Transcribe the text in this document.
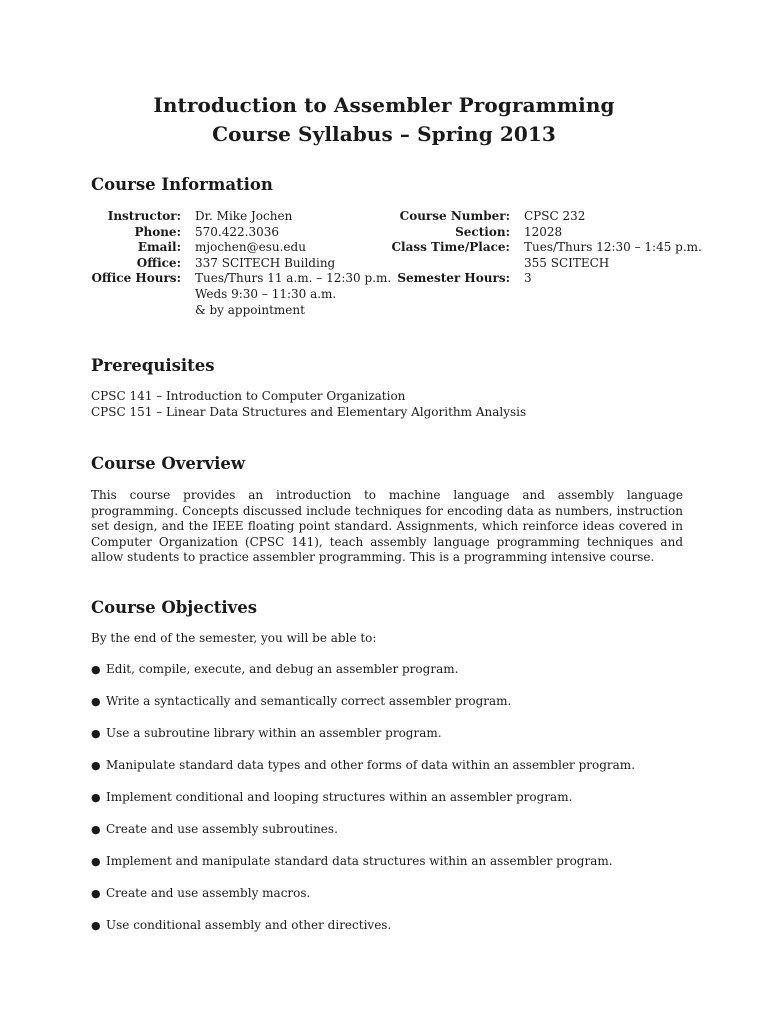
Introduction to Assembler Programming
Course Syllabus – Spring 2013
Course Information
Instructor: Dr. Mike Jochen
Phone: 570.422.3036
Email: mjochen@esu.edu
Office: 337 SCITECH Building
Office Hours: Tues/Thurs 11 a.m. – 12:30 p.m.
Weds 9:30 – 11:30 a.m.
& by appointment
Course Number: CPSC 232
Section: 12028
Class Time/Place: Tues/Thurs 12:30 – 1:45 p.m.
355 SCITECH
Semester Hours: 3
Prerequisites
CPSC 141 – Introduction to Computer Organization
CPSC 151 – Linear Data Structures and Elementary Algorithm Analysis
Course Overview
This course provides an introduction to machine language and assembly language programming. Concepts discussed include techniques for encoding data as numbers, instruction set design, and the IEEE floating point standard. Assignments, which reinforce ideas covered in Computer Organization (CPSC 141), teach assembly language programming techniques and allow students to practice assembler programming. This is a programming intensive course.
Course Objectives
By the end of the semester, you will be able to:
● Edit, compile, execute, and debug an assembler program.
● Write a syntactically and semantically correct assembler program.
● Use a subroutine library within an assembler program.
● Manipulate standard data types and other forms of data within an assembler program.
● Implement conditional and looping structures within an assembler program.
● Create and use assembly subroutines.
● Implement and manipulate standard data structures within an assembler program.
● Create and use assembly macros.
● Use conditional assembly and other directives.
